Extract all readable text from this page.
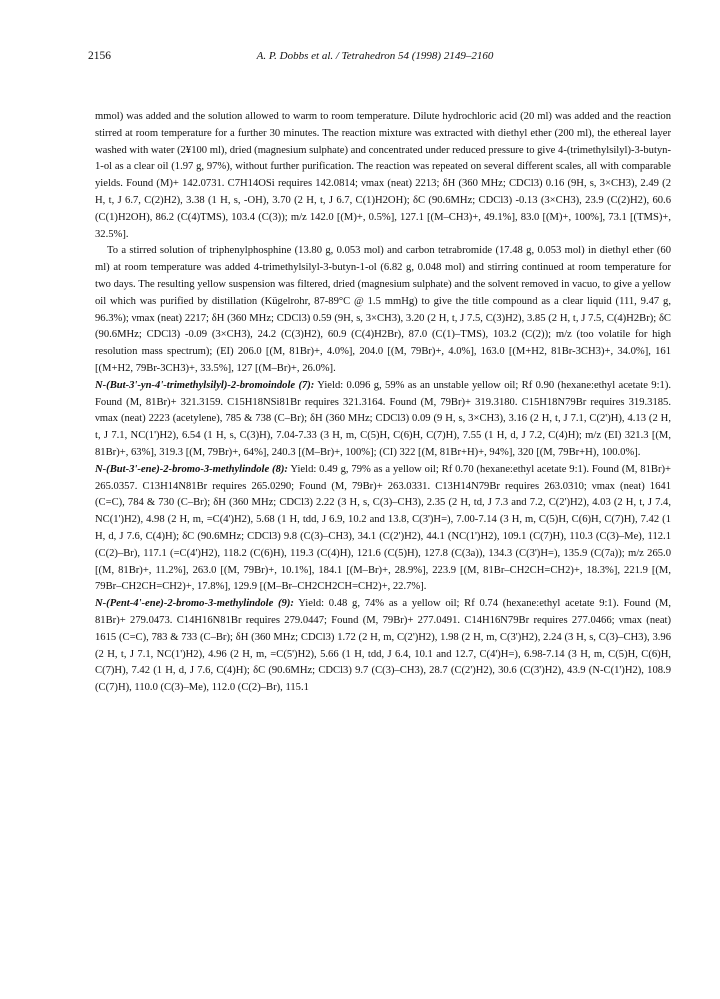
2156	A. P. Dobbs et al. / Tetrahedron 54 (1998) 2149–2160

mmol) was added and the solution allowed to warm to room temperature. Dilute hydrochloric acid (20 ml) was added and the reaction stirred at room temperature for a further 30 minutes. The reaction mixture was extracted with diethyl ether (200 ml), the ethereal layer washed with water (2¥100 ml), dried (magnesium sulphate) and concentrated under reduced pressure to give 4-(trimethylsilyl)-3-butyn-1-ol as a clear oil (1.97 g, 97%), without further purification. The reaction was repeated on several different scales, all with comparable yields. Found (M)+ 142.0731. C7H14OSi requires 142.0814; νmax (neat) 2213; δH (360 MHz; CDCl3) 0.16 (9H, s, 3×CH3), 2.49 (2 H, t, J 6.7, C(2)H2), 3.38 (1 H, s, -OH), 3.70 (2 H, t, J 6.7, C(1)H2OH); δC (90.6MHz; CDCl3) -0.13 (3×CH3), 23.9 (C(2)H2), 60.6 (C(1)H2OH), 86.2 (C(4)TMS), 103.4 (C(3)); m/z 142.0 [(M)+, 0.5%], 127.1 [(M–CH3)+, 49.1%], 83.0 [(M)+, 100%], 73.1 [(TMS)+, 32.5%].

To a stirred solution of triphenylphosphine (13.80 g, 0.053 mol) and carbon tetrabromide (17.48 g, 0.053 mol) in diethyl ether (60 ml) at room temperature was added 4-trimethylsilyl-3-butyn-1-ol (6.82 g, 0.048 mol) and stirring continued at room temperature for two days. The resulting yellow suspension was filtered, dried (magnesium sulphate) and the solvent removed in vacuo, to give a yellow oil which was purified by distillation (Kügelrohr, 87-89°C @ 1.5 mmHg) to give the title compound as a clear liquid (111, 9.47 g, 96.3%); νmax (neat) 2217; δH (360 MHz; CDCl3) 0.59 (9H, s, 3×CH3), 3.20 (2 H, t, J 7.5, C(3)H2), 3.85 (2 H, t, J 7.5, C(4)H2Br); δC (90.6MHz; CDCl3) -0.09 (3×CH3), 24.2 (C(3)H2), 60.9 (C(4)H2Br), 87.0 (C(1)–TMS), 103.2 (C(2)); m/z (too volatile for high resolution mass spectrum); (EI) 206.0 [(M, 81Br)+, 4.0%], 204.0 [(M, 79Br)+, 4.0%], 163.0 [(M+H2, 81Br-3CH3)+, 34.0%], 161 [(M+H2, 79Br-3CH3)+, 33.5%], 127 [(M–Br)+, 26.0%].

N-(But-3'-yn-4'-trimethylsilyl)-2-bromoindole (7): Yield: 0.096 g, 59% as an unstable yellow oil; Rf 0.90 (hexane:ethyl acetate 9:1). Found (M, 81Br)+ 321.3159. C15H18NSi81Br requires 321.3164. Found (M, 79Br)+ 319.3180. C15H18N79Br requires 319.3185. νmax (neat) 2223 (acetylene), 785 & 738 (C–Br); δH (360 MHz; CDCl3) 0.09 (9 H, s, 3×CH3), 3.16 (2 H, t, J 7.1, C(2')H), 4.13 (2 H, t, J 7.1, NC(1')H2), 6.54 (1 H, s, C(3)H), 7.04-7.33 (3 H, m, C(5)H, C(6)H, C(7)H), 7.55 (1 H, d, J 7.2, C(4)H); m/z (EI) 321.3 [(M, 81Br)+, 63%], 319.3 [(M, 79Br)+, 64%], 240.3 [(M–Br)+, 100%]; (CI) 322 [(M, 81Br+H)+, 94%], 320 [(M, 79Br+H), 100.0%].

N-(But-3'-ene)-2-bromo-3-methylindole (8): Yield: 0.49 g, 79% as a yellow oil; Rf 0.70 (hexane:ethyl acetate 9:1). Found (M, 81Br)+ 265.0357. C13H14N81Br requires 265.0290; Found (M, 79Br)+ 263.0331. C13H14N79Br requires 263.0310; νmax (neat) 1641 (C=C), 784 & 730 (C–Br); δH (360 MHz; CDCl3) 2.22 (3 H, s, C(3)–CH3), 2.35 (2 H, td, J 7.3 and 7.2, C(2')H2), 4.03 (2 H, t, J 7.4, NC(1')H2), 4.98 (2 H, m, =C(4')H2), 5.68 (1 H, tdd, J 6.9, 10.2 and 13.8, C(3')H=), 7.00-7.14 (3 H, m, C(5)H, C(6)H, C(7)H), 7.42 (1 H, d, J 7.6, C(4)H); δC (90.6MHz; CDCl3) 9.8 (C(3)–CH3), 34.1 (C(2')H2), 44.1 (NC(1')H2), 109.1 (C(7)H), 110.3 (C(3)–Me), 112.1 (C(2)–Br), 117.1 (=C(4')H2), 118.2 (C(6)H), 119.3 (C(4)H), 121.6 (C(5)H), 127.8 (C(3a)), 134.3 (C(3')H=), 135.9 (C(7a)); m/z 265.0 [(M, 81Br)+, 11.2%], 263.0 [(M, 79Br)+, 10.1%], 184.1 [(M–Br)+, 28.9%], 223.9 [(M, 81Br–CH2CH=CH2)+, 18.3%], 221.9 [(M, 79Br–CH2CH=CH2)+, 17.8%], 129.9 [(M–Br–CH2CH2CH=CH2)+, 22.7%].

N-(Pent-4'-ene)-2-bromo-3-methylindole (9): Yield: 0.48 g, 74% as a yellow oil; Rf 0.74 (hexane:ethyl acetate 9:1). Found (M, 81Br)+ 279.0473. C14H16N81Br requires 279.0447; Found (M, 79Br)+ 277.0491. C14H16N79Br requires 277.0466; νmax (neat) 1615 (C=C), 783 & 733 (C–Br); δH (360 MHz; CDCl3) 1.72 (2 H, m, C(2')H2), 1.98 (2 H, m, C(3')H2), 2.24 (3 H, s, C(3)–CH3), 3.96 (2 H, t, J 7.1, NC(1')H2), 4.96 (2 H, m, =C(5')H2), 5.66 (1 H, tdd, J 6.4, 10.1 and 12.7, C(4')H=), 6.98-7.14 (3 H, m, C(5)H, C(6)H, C(7)H), 7.42 (1 H, d, J 7.6, C(4)H); δC (90.6MHz; CDCl3) 9.7 (C(3)–CH3), 28.7 (C(2')H2), 30.6 (C(3')H2), 43.9 (N-C(1')H2), 108.9 (C(7)H), 110.0 (C(3)–Me), 112.0 (C(2)–Br), 115.1
